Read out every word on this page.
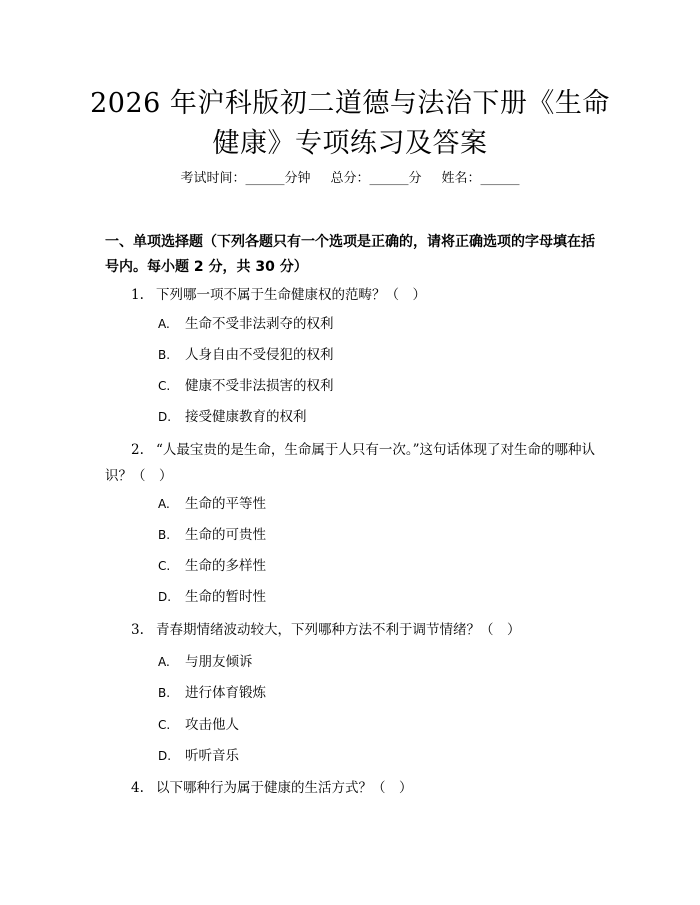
2026 年沪科版初二道德与法治下册《生命健康》专项练习及答案
考试时间：______分钟 总分：______分 姓名：______
一、单项选择题（下列各题只有一个选项是正确的，请将正确选项的字母填在括号内。每小题 2 分，共 30 分）
1. 下列哪一项不属于生命健康权的范畴？（　）
A. 生命不受非法剥夺的权利
B. 人身自由不受侵犯的权利
C. 健康不受非法损害的权利
D. 接受健康教育的权利
2. “人最宝贵的是生命，生命属于人只有一次。”这句话体现了对生命的哪种认识？（　）
A. 生命的平等性
B. 生命的可贵性
C. 生命的多样性
D. 生命的暂时性
3. 青春期情绪波动较大，下列哪种方法不利于调节情绪？（　）
A. 与朋友倾诉
B. 进行体育锻炼
C. 攻击他人
D. 听听音乐
4. 以下哪种行为属于健康的生活方式？（　）
